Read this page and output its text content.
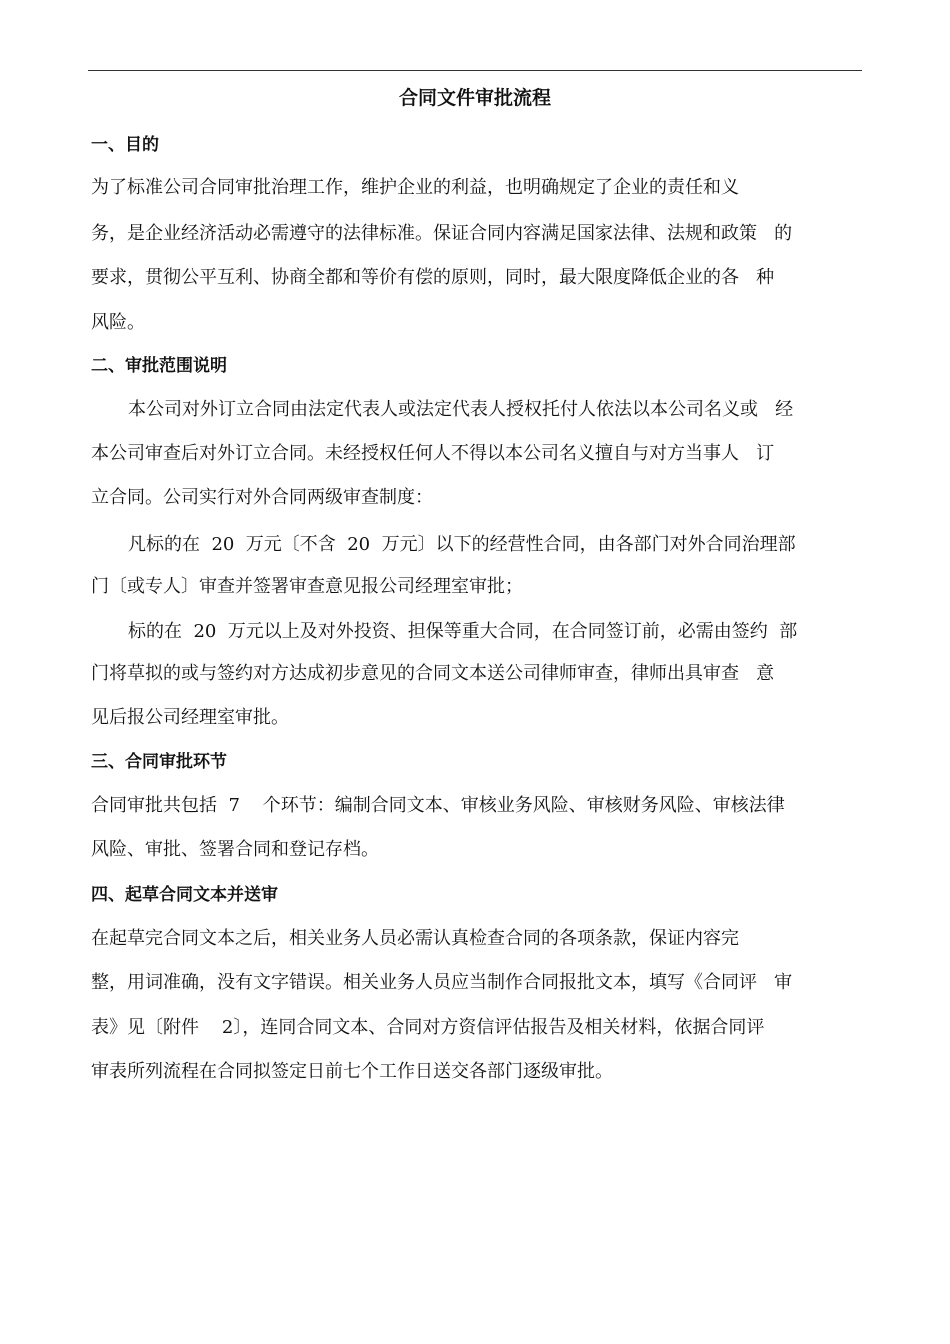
合同文件审批流程
一、目的
为了标准公司合同审批治理工作，维护企业的利益，也明确规定了企业的责任和义
务，是企业经济活动必需遵守的法律标准。保证合同内容满足国家法律、法规和政策   的
要求，贯彻公平互利、协商全都和等价有偿的原则，同时，最大限度降低企业的各   种
风险。
二、审批范围说明
本公司对外订立合同由法定代表人或法定代表人授权托付人依法以本公司名义或   经
本公司审查后对外订立合同。未经授权任何人不得以本公司名义擅自与对方当事人   订
立合同。公司实行对外合同两级审查制度：
凡标的在  20  万元〔不含  20  万元〕以下的经营性合同，由各部门对外合同治理部
门〔或专人〕审查并签署审查意见报公司经理室审批；
标的在  20  万元以上及对外投资、担保等重大合同，在合同签订前，必需由签约  部
门将草拟的或与签约对方达成初步意见的合同文本送公司律师审查，律师出具审查   意
见后报公司经理室审批。
三、合同审批环节
合同审批共包括  7    个环节：编制合同文本、审核业务风险、审核财务风险、审核法律
风险、审批、签署合同和登记存档。
四、起草合同文本并送审
在起草完合同文本之后，相关业务人员必需认真检查合同的各项条款，保证内容完
整，用词准确，没有文字错误。相关业务人员应当制作合同报批文本，填写《合同评   审
表》见〔附件    2〕，连同合同文本、合同对方资信评估报告及相关材料，依据合同评
审表所列流程在合同拟签定日前七个工作日送交各部门逐级审批。
